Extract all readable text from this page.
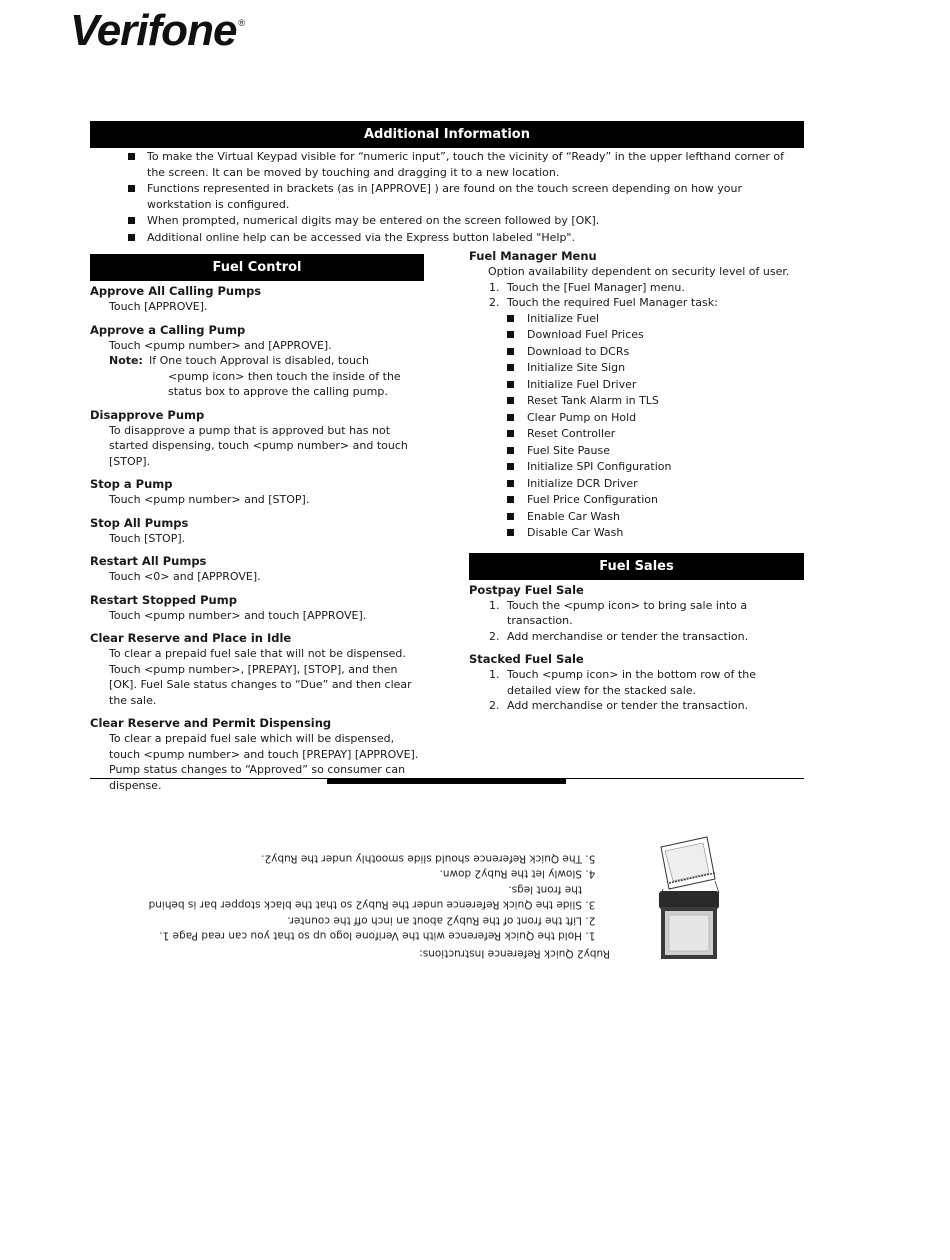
Verifone ®
Additional Information
To make the Virtual Keypad visible for “numeric input”, touch the vicinity of “Ready” in the upper lefthand corner of the screen. It can be moved by touching and dragging it to a new location.
Functions represented in brackets (as in [APPROVE] ) are found on the touch screen depending on how your workstation is configured.
When prompted, numerical digits may be entered on the screen followed by [OK].
Additional online help can be accessed via the Express button labeled "Help".
Fuel Control
Approve All Calling Pumps
Touch [APPROVE].
Approve a Calling Pump
Touch <pump number> and [APPROVE].
Note: If One touch Approval is disabled, touch
<pump icon> then touch the inside of the status box to approve the calling pump.
Disapprove Pump
To disapprove a pump that is approved but has not started dispensing, touch <pump number> and touch [STOP].
Stop a Pump
Touch <pump number> and [STOP].
Stop All Pumps
Touch [STOP].
Restart All Pumps
Touch <0> and [APPROVE].
Restart Stopped Pump
Touch <pump number> and touch [APPROVE].
Clear Reserve and Place in Idle
To clear a prepaid fuel sale that will not be dispensed. Touch <pump number>, [PREPAY], [STOP], and then [OK]. Fuel Sale status changes to “Due” and then clear the sale.
Clear Reserve and Permit Dispensing
To clear a prepaid fuel sale which will be dispensed, touch <pump number> and touch [PREPAY] [APPROVE]. Pump status changes to “Approved” so consumer can dispense.
Fuel Manager Menu
Option availability dependent on security level of user.
1. Touch the [Fuel Manager] menu.
2. Touch the required Fuel Manager task:
Initialize Fuel
Download Fuel Prices
Download to DCRs
Initialize Site Sign
Initialize Fuel Driver
Reset Tank Alarm in TLS
Clear Pump on Hold
Reset Controller
Fuel Site Pause
Initialize SPI Configuration
Initialize DCR Driver
Fuel Price Configuration
Enable Car Wash
Disable Car Wash
Fuel Sales
Postpay Fuel Sale
1. Touch the <pump icon> to bring sale into a transaction.
2. Add merchandise or tender the transaction.
Stacked Fuel Sale
1. Touch <pump icon> in the bottom row of the detailed view for the stacked sale.
2. Add merchandise or tender the transaction.
Ruby2 Quick Reference Instructions:
1. Hold the Quick Reference with the Verifone logo up so that you can read Page 1.
2. Lift the front of the Ruby2 about an inch off the counter.
3. Slide the Quick Reference under the Ruby2 so that the black stopper bar is behind the front legs.
4. Slowly let the Ruby2 down.
5. The Quick Reference should slide smoothly under the Ruby2.
